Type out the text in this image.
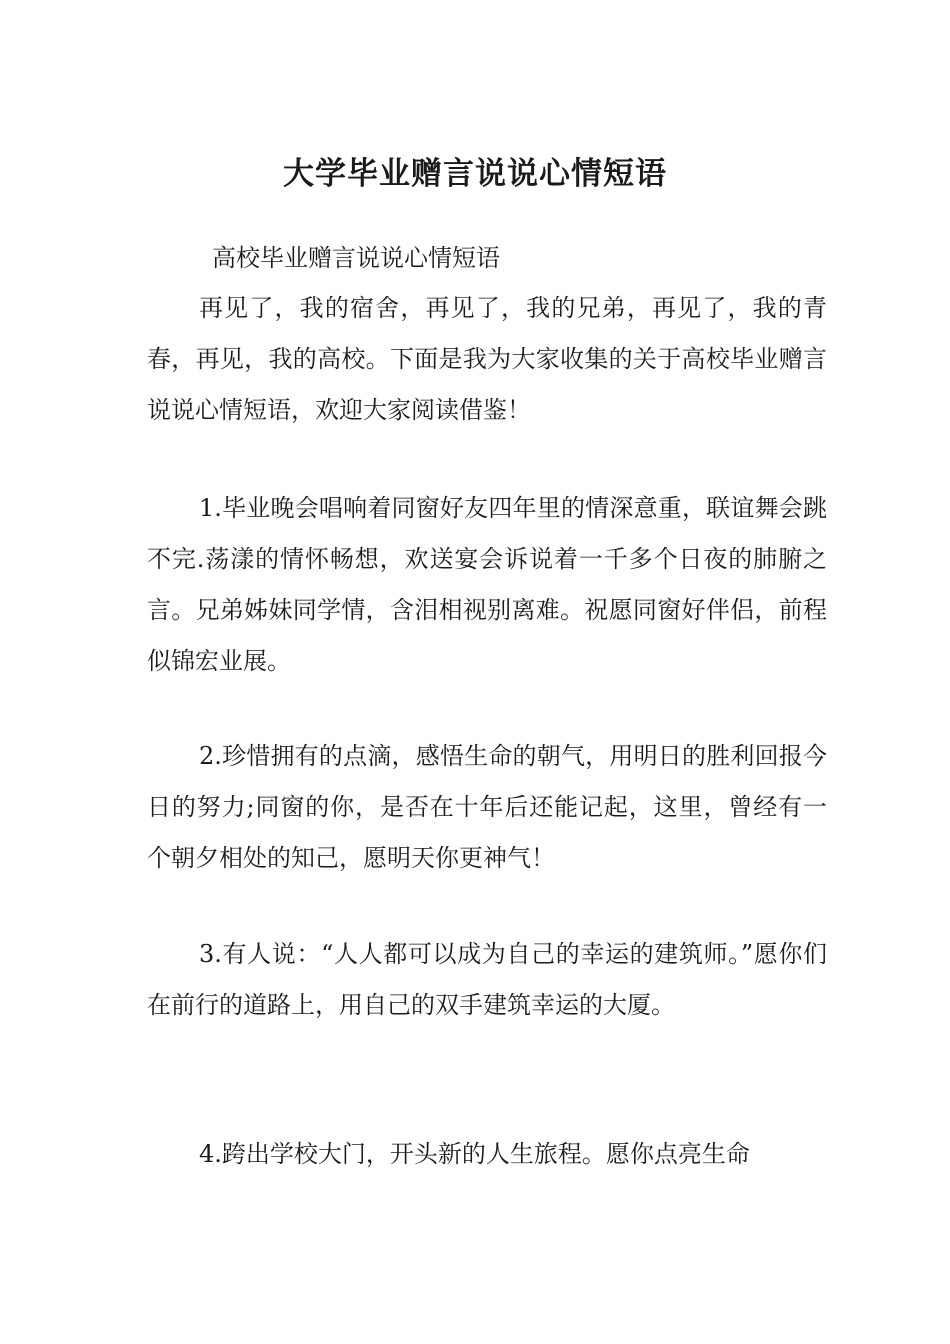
大学毕业赠言说说心情短语

高校毕业赠言说说心情短语

再见了，我的宿舍，再见了，我的兄弟，再见了，我的青春，再见，我的高校。下面是我为大家收集的关于高校毕业赠言说说心情短语，欢迎大家阅读借鉴！

1.毕业晚会唱响着同窗好友四年里的情深意重，联谊舞会跳不完.荡漾的情怀畅想，欢送宴会诉说着一千多个日夜的肺腑之言。兄弟姊妹同学情，含泪相视别离难。祝愿同窗好伴侣，前程似锦宏业展。

2.珍惜拥有的点滴，感悟生命的朝气，用明日的胜利回报今日的努力;同窗的你，是否在十年后还能记起，这里，曾经有一个朝夕相处的知己，愿明天你更神气！

3.有人说：“人人都可以成为自己的幸运的建筑师。”愿你们在前行的道路上，用自己的双手建筑幸运的大厦。

4.跨出学校大门，开头新的人生旅程。愿你点亮生命
